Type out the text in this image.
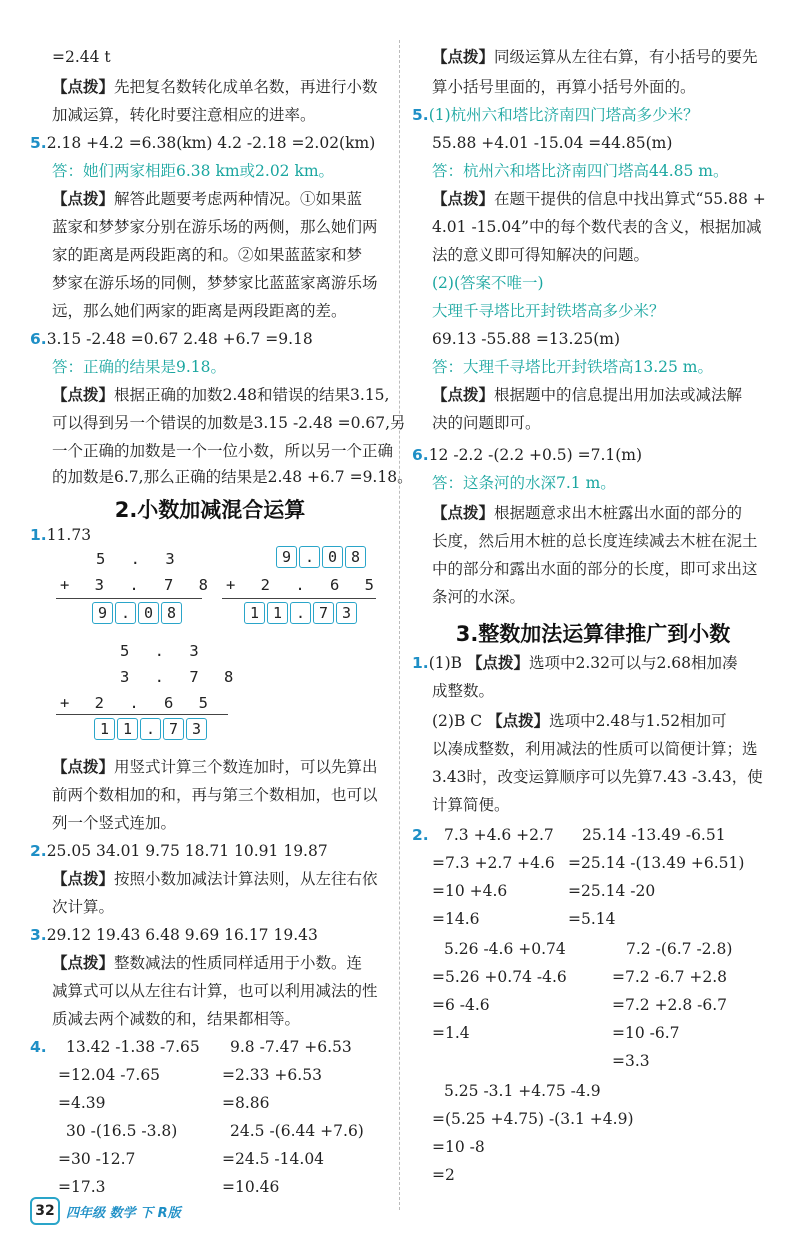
=2.44 t
【点拨】先把复名数转化成单名数，再进行小数
加减运算，转化时要注意相应的进率。
5.2.18 +4.2 =6.38(km) 4.2 -2.18 =2.02(km)
答：她们两家相距6.38 km或2.02 km。
【点拨】解答此题要考虑两种情况。①如果蓝
蓝家和梦梦家分别在游乐场的两侧，那么她们两
家的距离是两段距离的和。②如果蓝蓝家和梦
梦家在游乐场的同侧，梦梦家比蓝蓝家离游乐场
远，那么她们两家的距离是两段距离的差。
6.3.15 -2.48 =0.67 2.48 +6.7 =9.18
答：正确的结果是9.18。
【点拨】根据正确的加数2.48和错误的结果3.15,
可以得到另一个错误的加数是3.15 -2.48 =0.67,另
一个正确的加数是一个一位小数，所以另一个正确
的加数是6.7,那么正确的结果是2.48 +6.7 =9.18。
2.小数加减混合运算
1.11.73
5 . 3
+ 3 . 7 8
9 . 0 8
9 . 0 8
+ 2 . 6 5
1 1 . 7 3
5 . 3
3 . 7 8
+ 2 . 6 5
1 1 . 7 3
【点拨】用竖式计算三个数连加时，可以先算出
前两个数相加的和，再与第三个数相加，也可以
列一个竖式连加。
2.25.05 34.01 9.75 18.71 10.91 19.87
【点拨】按照小数加减法计算法则，从左往右依
次计算。
3.29.12 19.43 6.48 9.69 16.17 19.43
【点拨】整数减法的性质同样适用于小数。连
减算式可以从左往右计算，也可以利用减法的性
质减去两个减数的和，结果都相等。
4. 13.42 -1.38 -7.65
=12.04 -7.65
=4.39
9.8 -7.47 +6.53
=2.33 +6.53
=8.86
30 -(16.5 -3.8)
=30 -12.7
=17.3
24.5 -(6.44 +7.6)
=24.5 -14.04
=10.46
【点拨】同级运算从左往右算，有小括号的要先
算小括号里面的，再算小括号外面的。
5.(1)杭州六和塔比济南四门塔高多少米？
55.88 +4.01 -15.04 =44.85(m)
答：杭州六和塔比济南四门塔高44.85 m。
【点拨】在题干提供的信息中找出算式“55.88 +
4.01 -15.04”中的每个数代表的含义，根据加减
法的意义即可得知解决的问题。
(2)(答案不唯一)
大理千寻塔比开封铁塔高多少米？
69.13 -55.88 =13.25(m)
答：大理千寻塔比开封铁塔高13.25 m。
【点拨】根据题中的信息提出用加法或减法解
决的问题即可。
6.12 -2.2 -(2.2 +0.5) =7.1(m)
答：这条河的水深7.1 m。
【点拨】根据题意求出木桩露出水面的部分的
长度，然后用木桩的总长度连续减去木桩在泥土
中的部分和露出水面的部分的长度，即可求出这
条河的水深。
3.整数加法运算律推广到小数
1.(1)B 【点拨】选项中2.32可以与2.68相加凑
成整数。
(2)B C 【点拨】选项中2.48与1.52相加可
以凑成整数，利用减法的性质可以简便计算；选
3.43时，改变运算顺序可以先算7.43 -3.43，使
计算简便。
2. 7.3 +4.6 +2.7
=7.3 +2.7 +4.6
=10 +4.6
=14.6
25.14 -13.49 -6.51
=25.14 -(13.49 +6.51)
=25.14 -20
=5.14
5.26 -4.6 +0.74
=5.26 +0.74 -4.6
=6 -4.6
=1.4
7.2 -(6.7 -2.8)
=7.2 -6.7 +2.8
=7.2 +2.8 -6.7
=10 -6.7
=3.3
5.25 -3.1 +4.75 -4.9
=(5.25 +4.75) -(3.1 +4.9)
=10 -8
=2
32 四年级 数学 下 R版
